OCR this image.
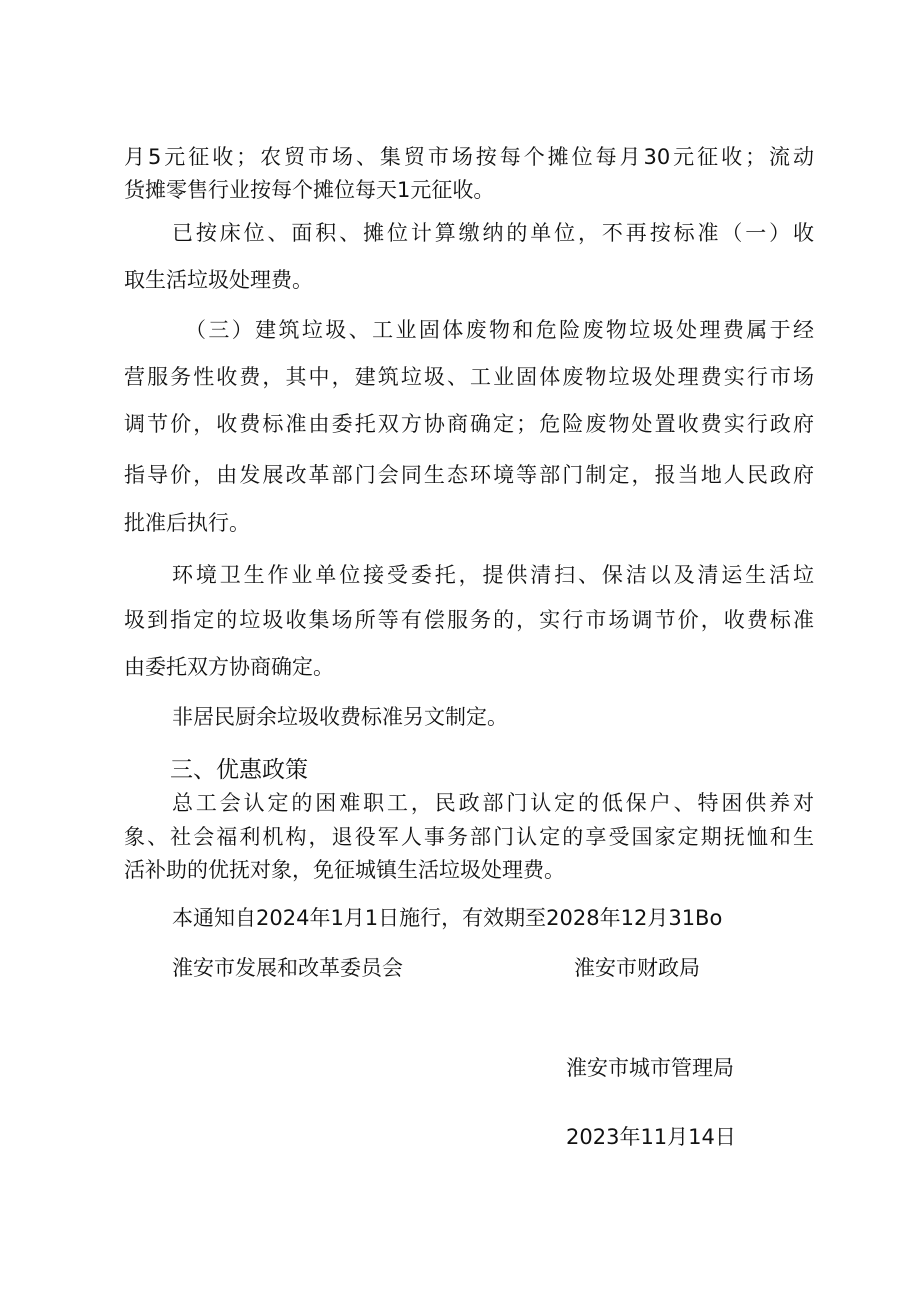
月5元征收；农贸市场、集贸市场按每个摊位每月30元征收；流动
货摊零售行业按每个摊位每天1元征收。
已按床位、面积、摊位计算缴纳的单位，不再按标准（一）收
取生活垃圾处理费。
（三）建筑垃圾、工业固体废物和危险废物垃圾处理费属于经
营服务性收费，其中，建筑垃圾、工业固体废物垃圾处理费实行市场
调节价，收费标准由委托双方协商确定；危险废物处置收费实行政府
指导价，由发展改革部门会同生态环境等部门制定，报当地人民政府
批准后执行。
环境卫生作业单位接受委托，提供清扫、保洁以及清运生活垃
圾到指定的垃圾收集场所等有偿服务的，实行市场调节价，收费标准
由委托双方协商确定。
非居民厨余垃圾收费标准另文制定。
三、优惠政策
总工会认定的困难职工，民政部门认定的低保户、特困供养对
象、社会福利机构，退役军人事务部门认定的享受国家定期抚恤和生
活补助的优抚对象，免征城镇生活垃圾处理费。
本通知自2024年1月1日施行，有效期至2028年12月31Bo
淮安市发展和改革委员会	淮安市财政局
淮安市城市管理局
2023年11月14日
